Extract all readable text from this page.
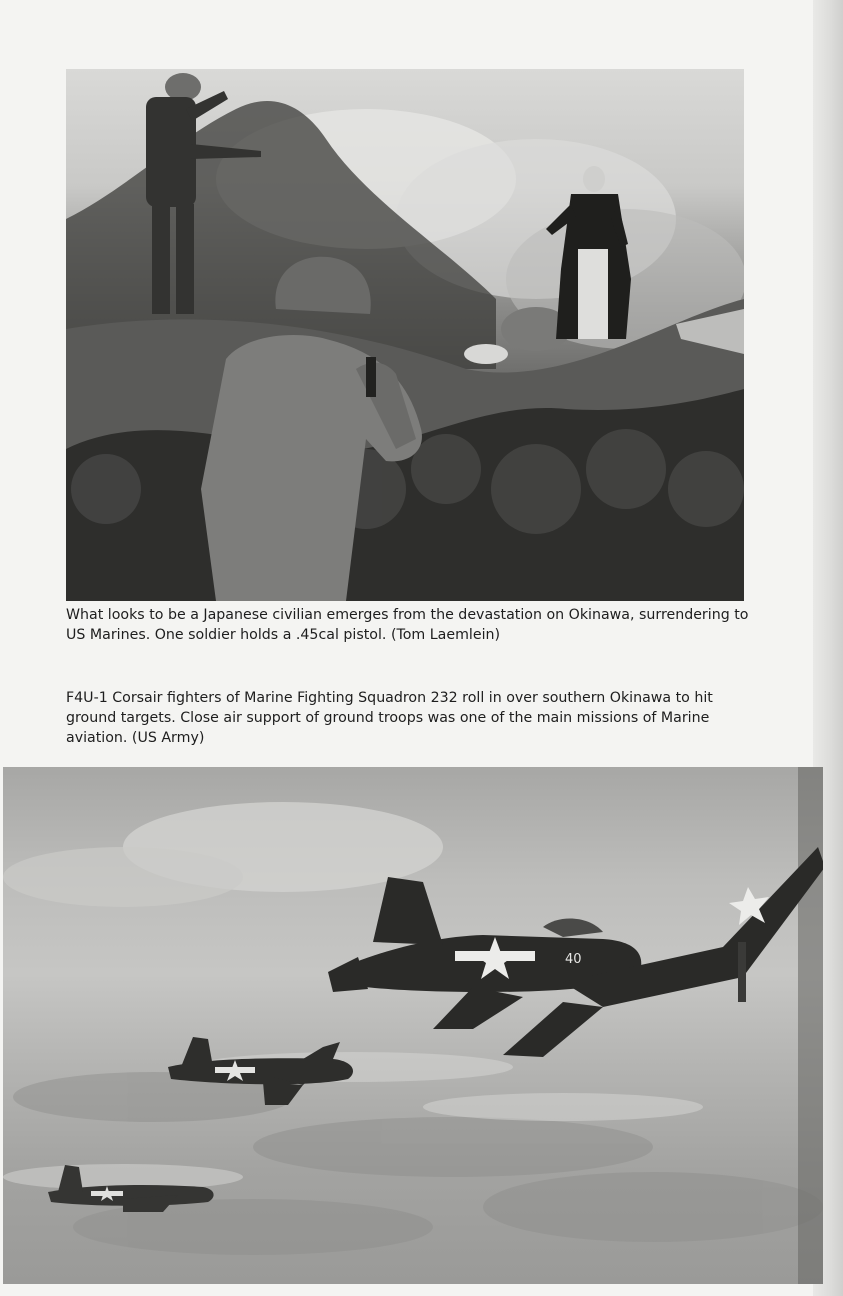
What looks to be a Japanese civilian emerges from the devastation on Okinawa, surrendering to US Marines. One soldier holds a .45cal pistol. (Tom Laemlein)

F4U-1 Corsair fighters of Marine Fighting Squadron 232 roll in over southern Okinawa to hit ground targets. Close air support of ground troops was one of the main missions of Marine aviation. (US Army)

40
